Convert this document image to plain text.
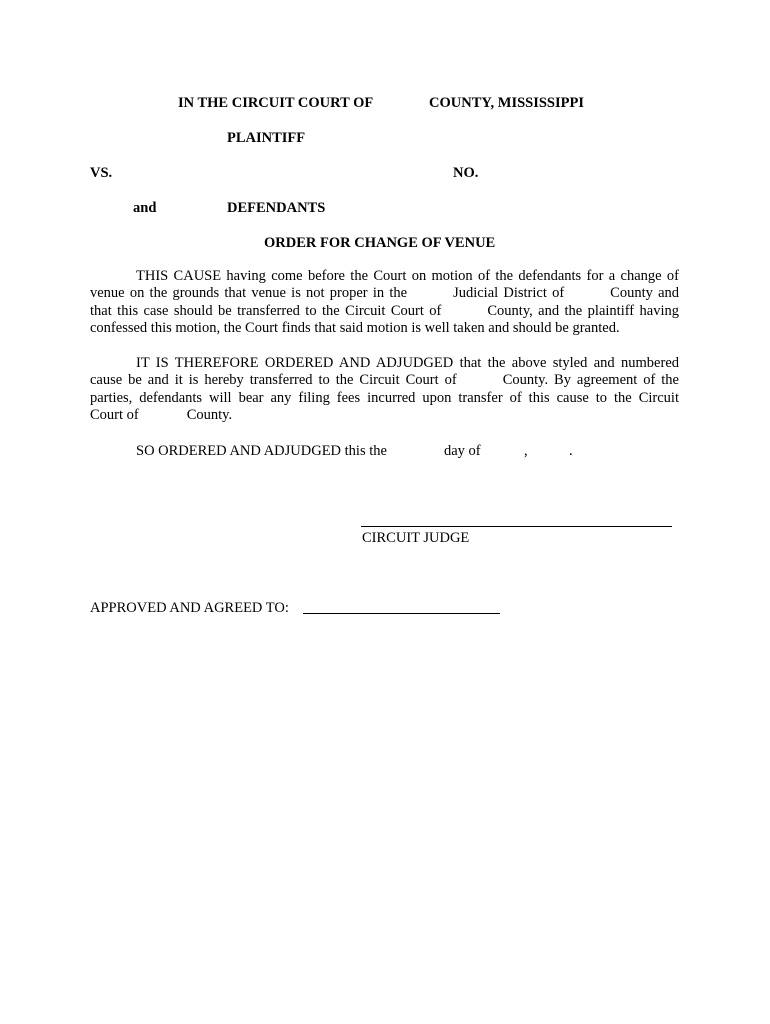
IN THE CIRCUIT COURT OF	COUNTY, MISSISSIPPI
PLAINTIFF
VS.	NO.
and	DEFENDANTS
ORDER FOR CHANGE OF VENUE
THIS CAUSE having come before the Court on motion of the defendants for a change of
venue on the grounds that venue is not proper in the	Judicial District of	County and
that this case should be transferred to the Circuit Court of	County, and the plaintiff having
confessed this motion, the Court finds that said motion is well taken and should be granted.
IT IS THEREFORE ORDERED AND ADJUDGED that the above styled and numbered
cause be and it is hereby transferred to the Circuit Court of	County. By agreement of the
parties, defendants will bear any filing fees incurred upon transfer of this cause to the Circuit
Court of	County.
SO ORDERED AND ADJUDGED this the	day of	,	.
CIRCUIT JUDGE
APPROVED AND AGREED TO:
